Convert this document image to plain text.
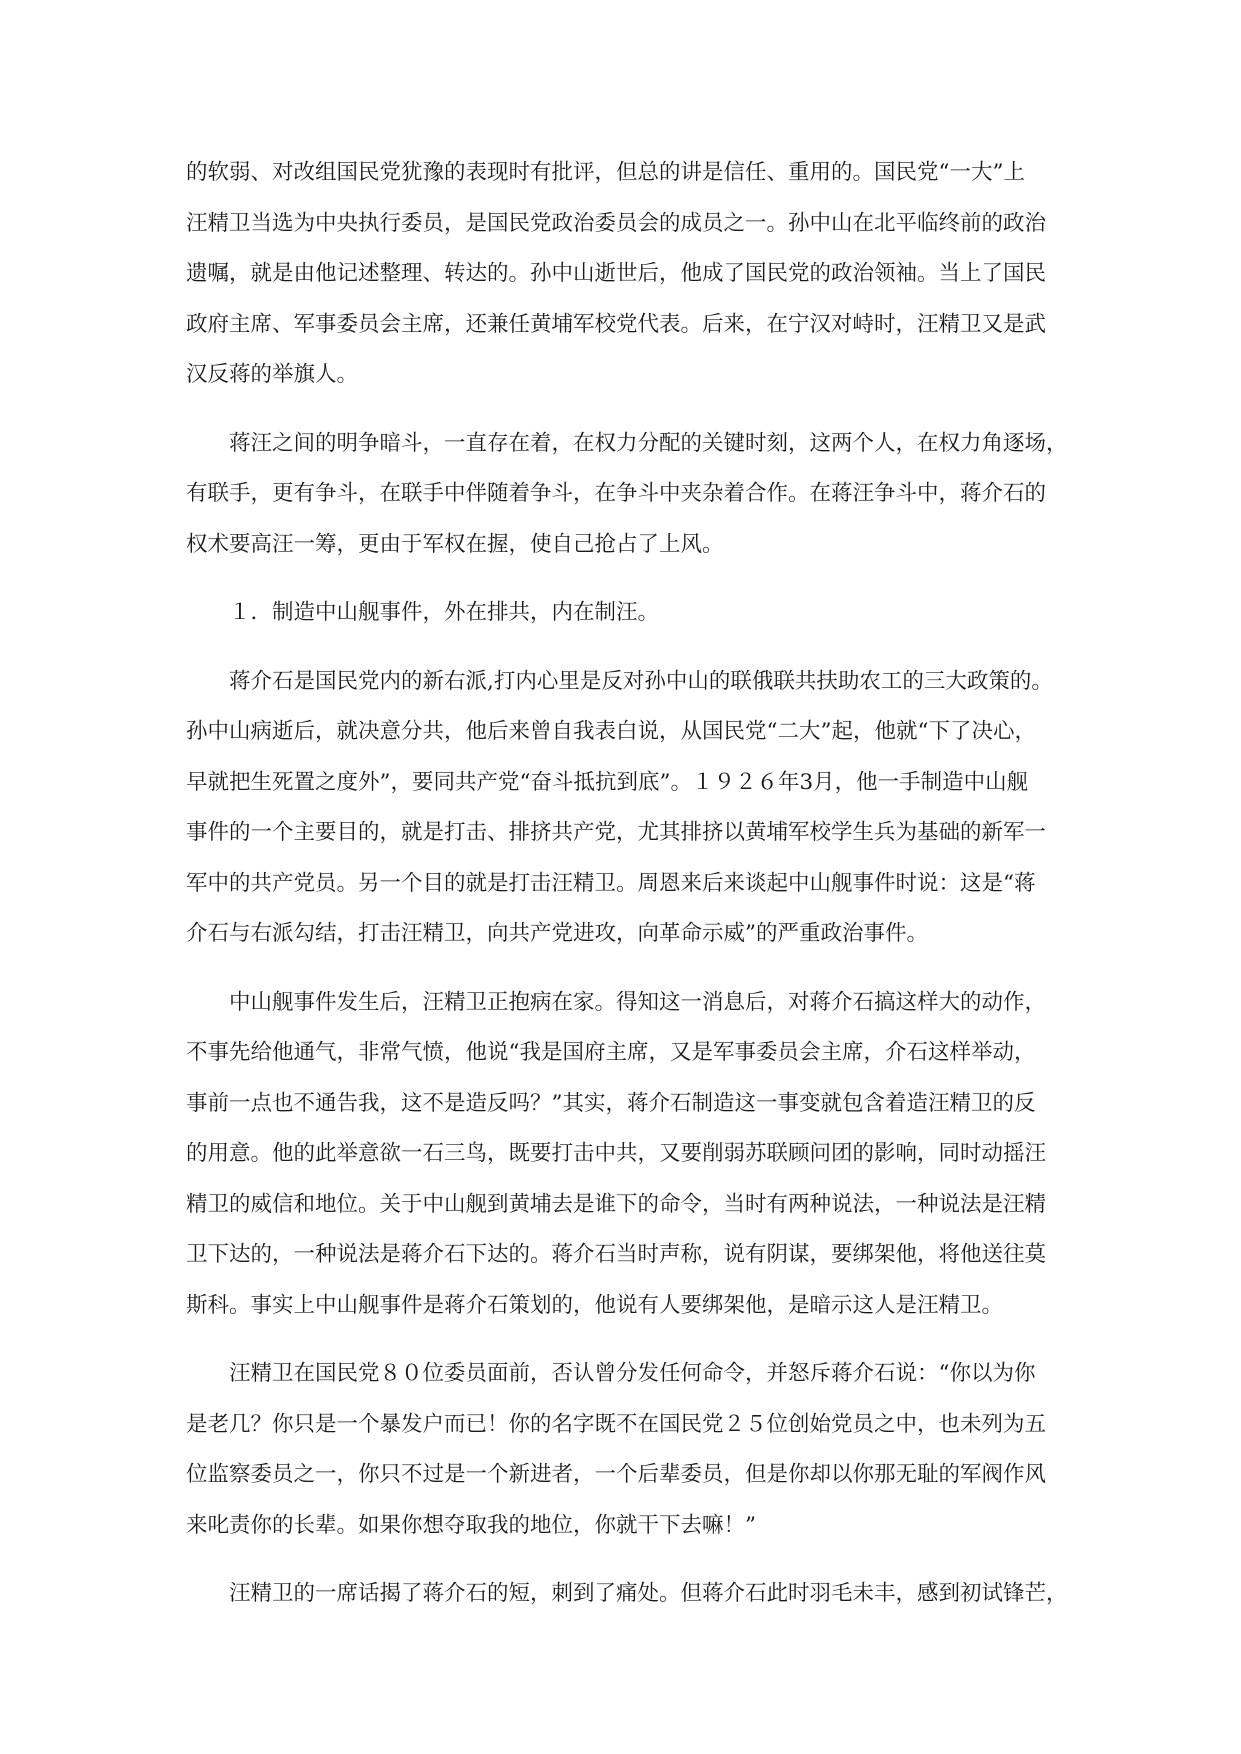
的软弱、对改组国民党犹豫的表现时有批评，但总的讲是信任、重用的。国民党“一大”上
汪精卫当选为中央执行委员，是国民党政治委员会的成员之一。孙中山在北平临终前的政治
遗嘱，就是由他记述整理、转达的。孙中山逝世后，他成了国民党的政治领袖。当上了国民
政府主席、军事委员会主席，还兼任黄埔军校党代表。后来，在宁汉对峙时，汪精卫又是武
汉反蒋的举旗人。

蒋汪之间的明争暗斗，一直存在着，在权力分配的关键时刻，这两个人，在权力角逐场，
有联手，更有争斗，在联手中伴随着争斗，在争斗中夹杂着合作。在蒋汪争斗中，蒋介石的
权术要高汪一筹，更由于军权在握，使自己抢占了上风。

１．制造中山舰事件，外在排共，内在制汪。

蒋介石是国民党内的新右派,打内心里是反对孙中山的联俄联共扶助农工的三大政策的。
孙中山病逝后，就决意分共，他后来曾自我表白说，从国民党“二大”起，他就“下了决心，
早就把生死置之度外”，要同共产党“奋斗抵抗到底”。１９２６年3月，他一手制造中山舰
事件的一个主要目的，就是打击、排挤共产党，尤其排挤以黄埔军校学生兵为基础的新军一
军中的共产党员。另一个目的就是打击汪精卫。周恩来后来谈起中山舰事件时说：这是“蒋
介石与右派勾结，打击汪精卫，向共产党进攻，向革命示威”的严重政治事件。

中山舰事件发生后，汪精卫正抱病在家。得知这一消息后，对蒋介石搞这样大的动作，
不事先给他通气，非常气愤，他说“我是国府主席，又是军事委员会主席，介石这样举动，
事前一点也不通告我，这不是造反吗？”其实，蒋介石制造这一事变就包含着造汪精卫的反
的用意。他的此举意欲一石三鸟，既要打击中共，又要削弱苏联顾问团的影响，同时动摇汪
精卫的威信和地位。关于中山舰到黄埔去是谁下的命令，当时有两种说法，一种说法是汪精
卫下达的，一种说法是蒋介石下达的。蒋介石当时声称，说有阴谋，要绑架他，将他送往莫
斯科。事实上中山舰事件是蒋介石策划的，他说有人要绑架他，是暗示这人是汪精卫。

汪精卫在国民党８０位委员面前，否认曾分发任何命令，并怒斥蒋介石说：“你以为你
是老几？你只是一个暴发户而已！你的名字既不在国民党２５位创始党员之中，也未列为五
位监察委员之一，你只不过是一个新进者，一个后辈委员，但是你却以你那无耻的军阀作风
来叱责你的长辈。如果你想夺取我的地位，你就干下去嘛！”

汪精卫的一席话揭了蒋介石的短，刺到了痛处。但蒋介石此时羽毛未丰，感到初试锋芒，
